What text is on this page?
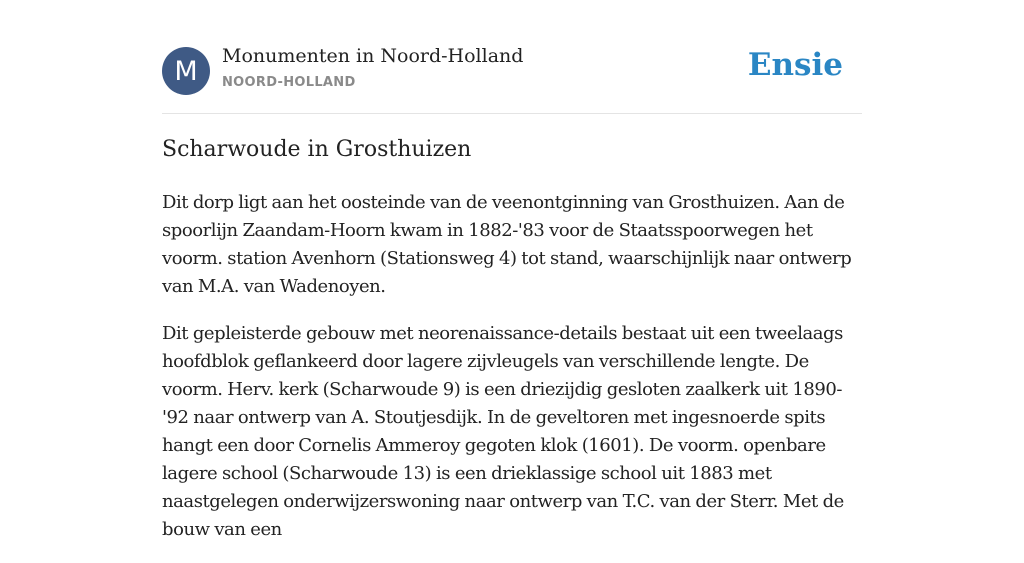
M Monumenten in Noord-Holland
NOORD-HOLLAND	Ensie
Scharwoude in Grosthuizen

Dit dorp ligt aan het oosteinde van de veenontginning van Grosthuizen. Aan de spoorlijn Zaandam-Hoorn kwam in 1882-'83 voor de Staatsspoorwegen het voorm. station Avenhorn (Stationsweg 4) tot stand, waarschijnlijk naar ontwerp van M.A. van Wadenoyen.

Dit gepleisterde gebouw met neorenaissance-details bestaat uit een tweelaags hoofdblok geflankeerd door lagere zijvleugels van verschillende lengte. De voorm. Herv. kerk (Scharwoude 9) is een driezijdig gesloten zaalkerk uit 1890-'92 naar ontwerp van A. Stoutjesdijk. In de geveltoren met ingesnoerde spits hangt een door Cornelis Ammeroy gegoten klok (1601). De voorm. openbare lagere school (Scharwoude 13) is een drieklassige school uit 1883 met naastgelegen onderwijzerswoning naar ontwerp van T.C. van der Sterr. Met de bouw van een
